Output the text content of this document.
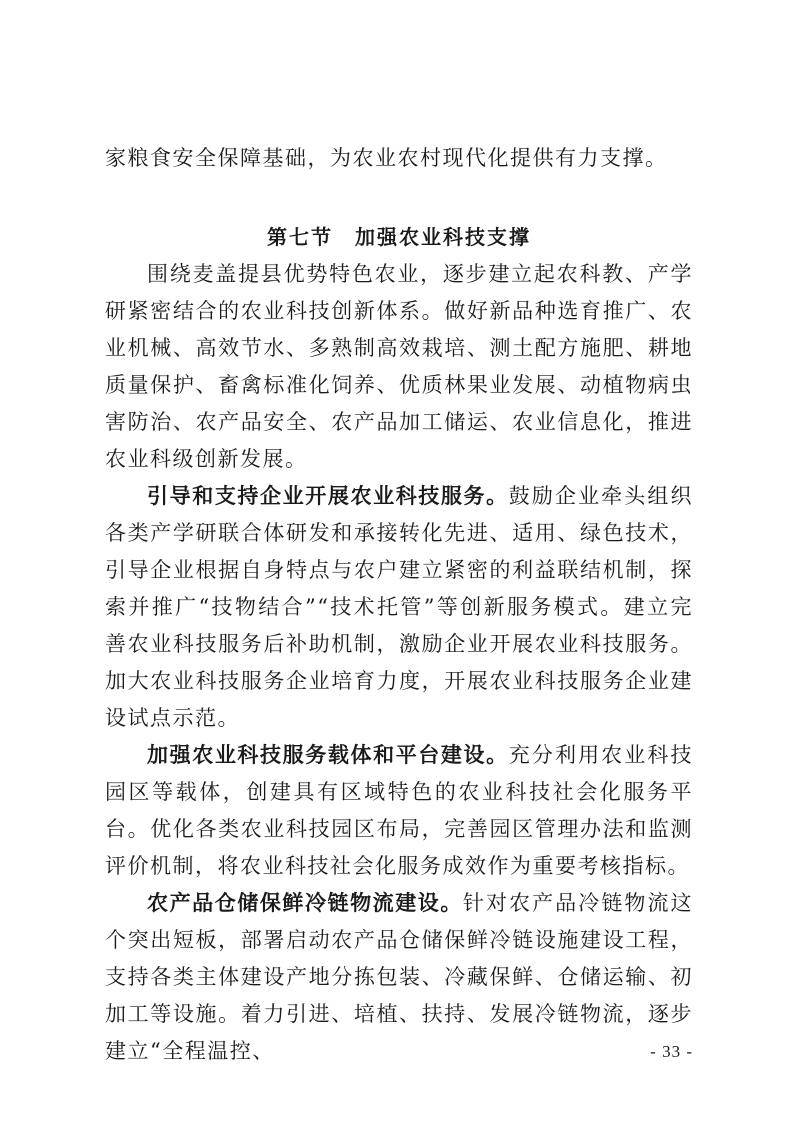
家粮食安全保障基础，为农业农村现代化提供有力支撑。

第七节　加强农业科技支撑

围绕麦盖提县优势特色农业，逐步建立起农科教、产学研紧密结合的农业科技创新体系。做好新品种选育推广、农业机械、高效节水、多熟制高效栽培、测土配方施肥、耕地质量保护、畜禽标准化饲养、优质林果业发展、动植物病虫害防治、农产品安全、农产品加工储运、农业信息化，推进农业科级创新发展。

引导和支持企业开展农业科技服务。鼓励企业牵头组织各类产学研联合体研发和承接转化先进、适用、绿色技术，引导企业根据自身特点与农户建立紧密的利益联结机制，探索并推广“技物结合”“技术托管”等创新服务模式。建立完善农业科技服务后补助机制，激励企业开展农业科技服务。加大农业科技服务企业培育力度，开展农业科技服务企业建设试点示范。

加强农业科技服务载体和平台建设。充分利用农业科技园区等载体，创建具有区域特色的农业科技社会化服务平台。优化各类农业科技园区布局，完善园区管理办法和监测评价机制，将农业科技社会化服务成效作为重要考核指标。

农产品仓储保鲜冷链物流建设。针对农产品冷链物流这个突出短板，部署启动农产品仓储保鲜冷链设施建设工程，支持各类主体建设产地分拣包装、冷藏保鲜、仓储运输、初加工等设施。着力引进、培植、扶持、发展冷链物流，逐步建立“全程温控、	- 33 -
